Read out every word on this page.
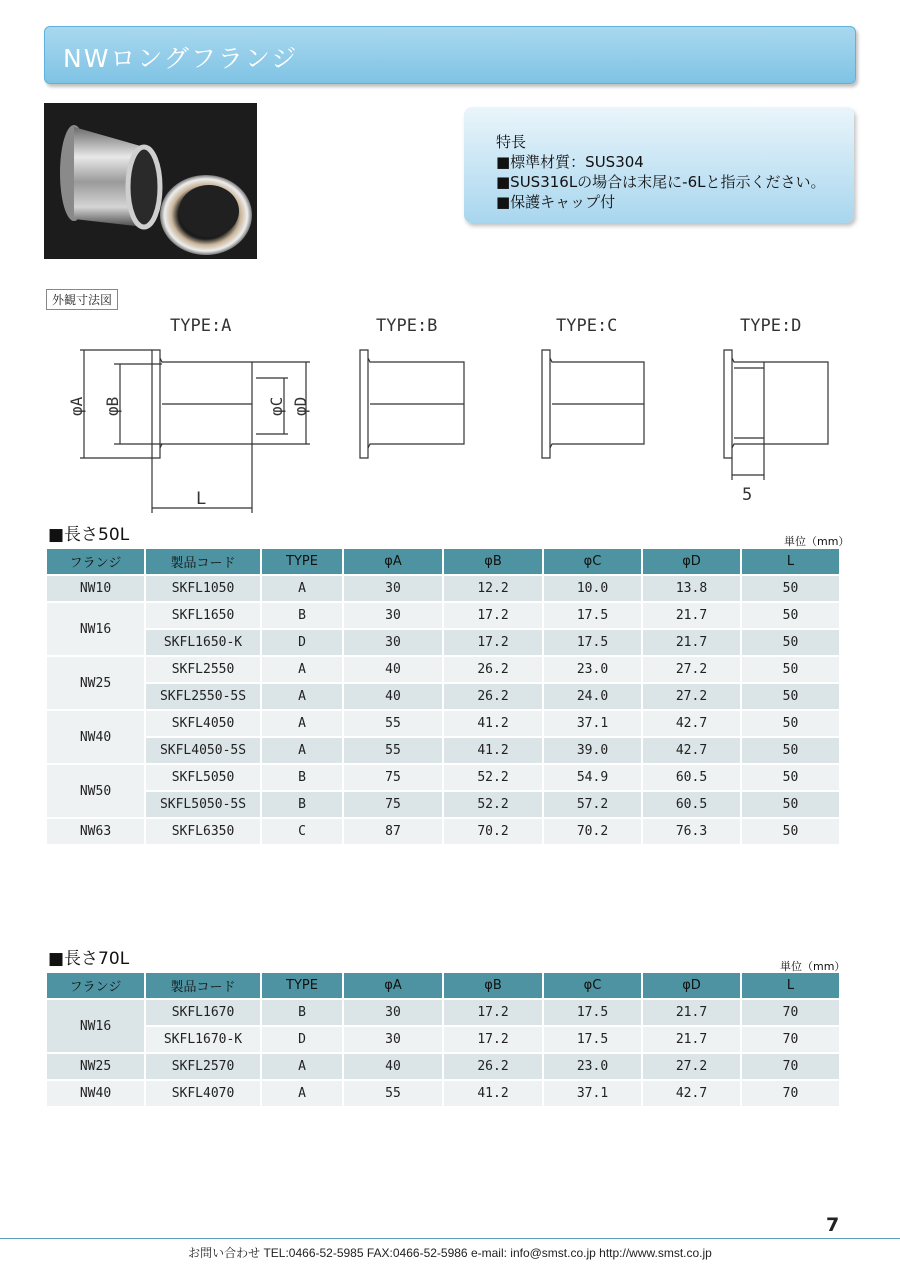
NWロングフランジ
特長
■標準材質：SUS304
■SUS316Lの場合は末尾に-6Lと指示ください。
■保護キャップ付
外観寸法図
TYPE:A	TYPE:B	TYPE:C	TYPE:D
φA φB	φC φD
L	5
■長さ50L	単位（mm）
フランジ	製品コード	TYPE	φA	φB	φC	φD	L
NW10	SKFL1050	A	30	12.2	10.0	13.8	50
NW16	SKFL1650	B	30	17.2	17.5	21.7	50
	SKFL1650-K	D	30	17.2	17.5	21.7	50
NW25	SKFL2550	A	40	26.2	23.0	27.2	50
	SKFL2550-5S	A	40	26.2	24.0	27.2	50
NW40	SKFL4050	A	55	41.2	37.1	42.7	50
	SKFL4050-5S	A	55	41.2	39.0	42.7	50
NW50	SKFL5050	B	75	52.2	54.9	60.5	50
	SKFL5050-5S	B	75	52.2	57.2	60.5	50
NW63	SKFL6350	C	87	70.2	70.2	76.3	50
■長さ70L	単位（mm）
フランジ	製品コード	TYPE	φA	φB	φC	φD	L
NW16	SKFL1670	B	30	17.2	17.5	21.7	70
	SKFL1670-K	D	30	17.2	17.5	21.7	70
NW25	SKFL2570	A	40	26.2	23.0	27.2	70
NW40	SKFL4070	A	55	41.2	37.1	42.7	70
7
お問い合わせ TEL:0466-52-5985 FAX:0466-52-5986 e-mail: info@smst.co.jp http://www.smst.co.jp
